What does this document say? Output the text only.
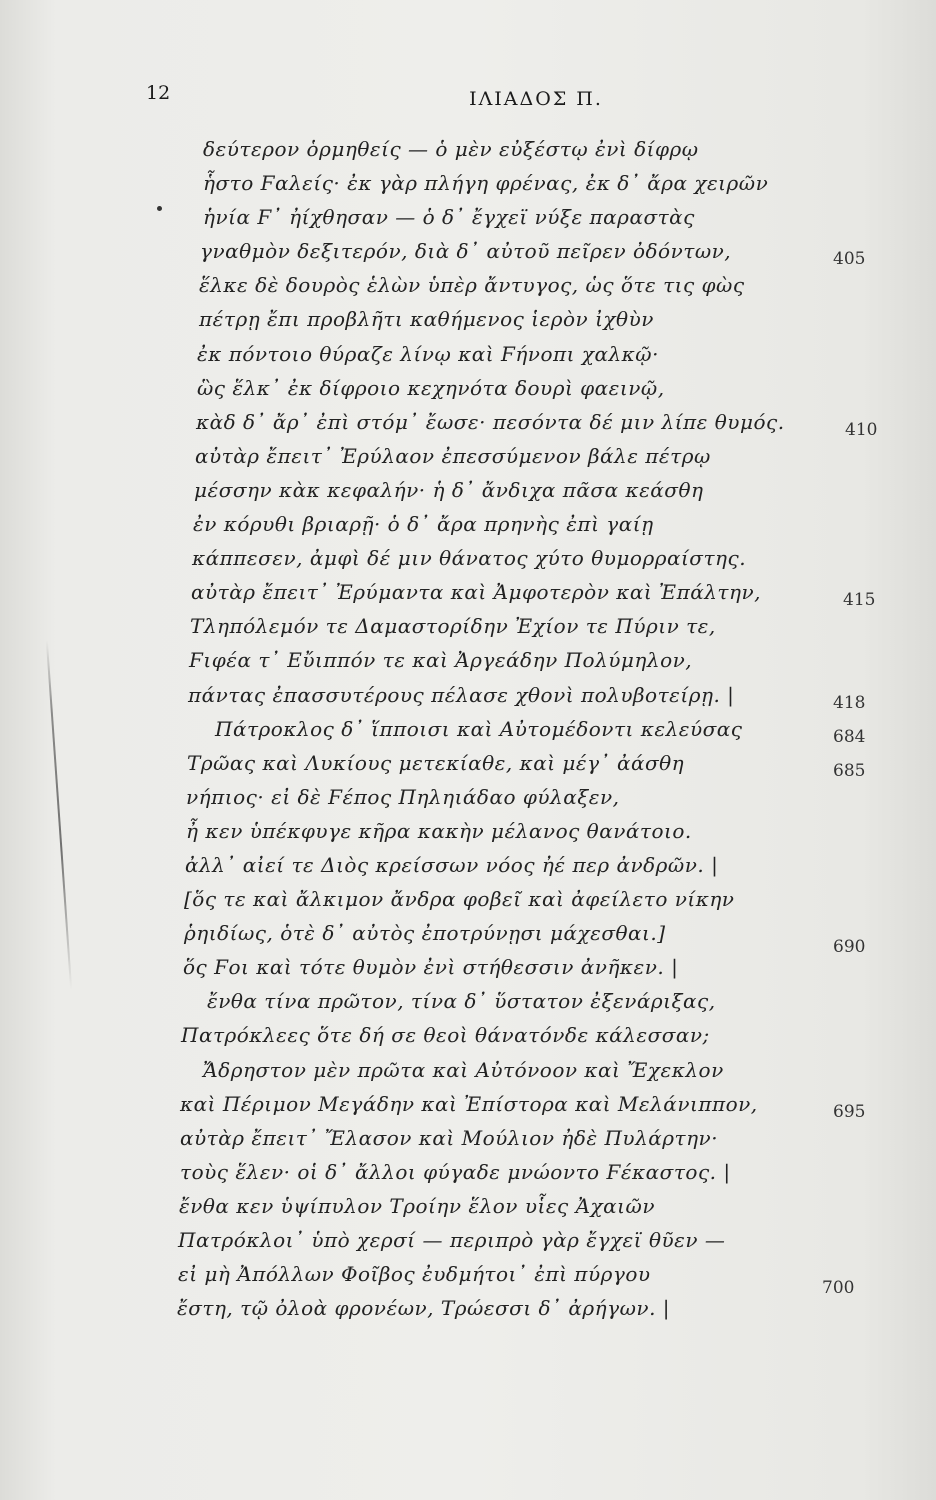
12	ΙΛΙΑΔΟΣ Π.
δεύτερον ὁρμηθείς — ὁ μὲν εὐξέστῳ ἐνὶ δίφρῳ
ἧστο Ϝαλείς· ἐκ γὰρ πλήγη φρένας, ἐκ δ᾽ ἄρα χειρῶν
ἡνία Ϝ᾽ ἠίχθησαν — ὁ δ᾽ ἔγχεϊ νύξε παραστὰς
γναθμὸν δεξιτερόν, διὰ δ᾽ αὐτοῦ πεῖρεν ὀδόντων,	405
ἕλκε δὲ δουρὸς ἑλὼν ὑπὲρ ἄντυγος, ὡς ὅτε τις φὼς
πέτρῃ ἔπι προβλῆτι καθήμενος ἱερὸν ἰχθὺν
ἐκ πόντοιο θύραζε λίνῳ καὶ Ϝήνοπι χαλκῷ·
ὣς ἕλκ᾽ ἐκ δίφροιο κεχηνότα δουρὶ φαεινῷ,
κὰδ δ᾽ ἄρ᾽ ἐπὶ στόμ᾽ ἔωσε· πεσόντα δέ μιν λίπε θυμός.	410
αὐτὰρ ἔπειτ᾽ Ἐρύλαον ἐπεσσύμενον βάλε πέτρῳ
μέσσην κὰκ κεφαλήν· ἡ δ᾽ ἄνδιχα πᾶσα κεάσθη
ἐν κόρυθι βριαρῇ· ὁ δ᾽ ἄρα πρηνὴς ἐπὶ γαίῃ
κάππεσεν, ἀμφὶ δέ μιν θάνατος χύτο θυμορραίστης.
αὐτὰρ ἔπειτ᾽ Ἐρύμαντα καὶ Ἀμφοτερὸν καὶ Ἐπάλτην,	415
Τληπόλεμόν τε Δαμαστορίδην Ἐχίον τε Πύριν τε,
Ϝιφέα τ᾽ Εὔιππόν τε καὶ Ἀργεάδην Πολύμηλον,
πάντας ἐπασσυτέρους πέλασε χθονὶ πολυβοτείρῃ. |	418
Πάτροκλος δ᾽ ἵπποισι καὶ Αὐτομέδοντι κελεύσας	684
Τρῶας καὶ Λυκίους μετεκίαθε, καὶ μέγ᾽ ἀάσθη	685
νήπιος· εἰ δὲ Ϝέπος Πηληιάδαο φύλαξεν,
ἦ κεν ὑπέκφυγε κῆρα κακὴν μέλανος θανάτοιο.
ἀλλ᾽ αἰεί τε Διὸς κρείσσων νόος ἠέ περ ἀνδρῶν. |
[ὅς τε καὶ ἄλκιμον ἄνδρα φοβεῖ καὶ ἀφείλετο νίκην
ῥηιδίως, ὁτὲ δ᾽ αὐτὸς ἐποτρύνῃσι μάχεσθαι.]
690
ὅς Ϝοι καὶ τότε θυμὸν ἐνὶ στήθεσσιν ἀνῆκεν. |
ἔνθα τίνα πρῶτον, τίνα δ᾽ ὕστατον ἐξενάριξας,
Πατρόκλεες ὅτε δή σε θεοὶ θάνατόνδε κάλεσσαν;
Ἄδρηστον μὲν πρῶτα καὶ Αὐτόνοον καὶ Ἔχεκλον
καὶ Πέριμον Μεγάδην καὶ Ἐπίστορα καὶ Μελάνιππον,	695
αὐτὰρ ἔπειτ᾽ Ἔλασον καὶ Μούλιον ἠδὲ Πυλάρτην·
τοὺς ἕλεν· οἱ δ᾽ ἄλλοι φύγαδε μνώοντο Ϝέκαστος. |
ἔνθα κεν ὑψίπυλον Τροίην ἕλον υἷες Ἀχαιῶν
Πατρόκλοι᾽ ὑπὸ χερσί — περιπρὸ γὰρ ἔγχεϊ θῦεν —
εἰ μὴ Ἀπόλλων Φοῖβος ἐυδμήτοι᾽ ἐπὶ πύργου
700
ἔστη, τῷ ὀλοὰ φρονέων, Τρώεσσι δ᾽ ἀρήγων. |
